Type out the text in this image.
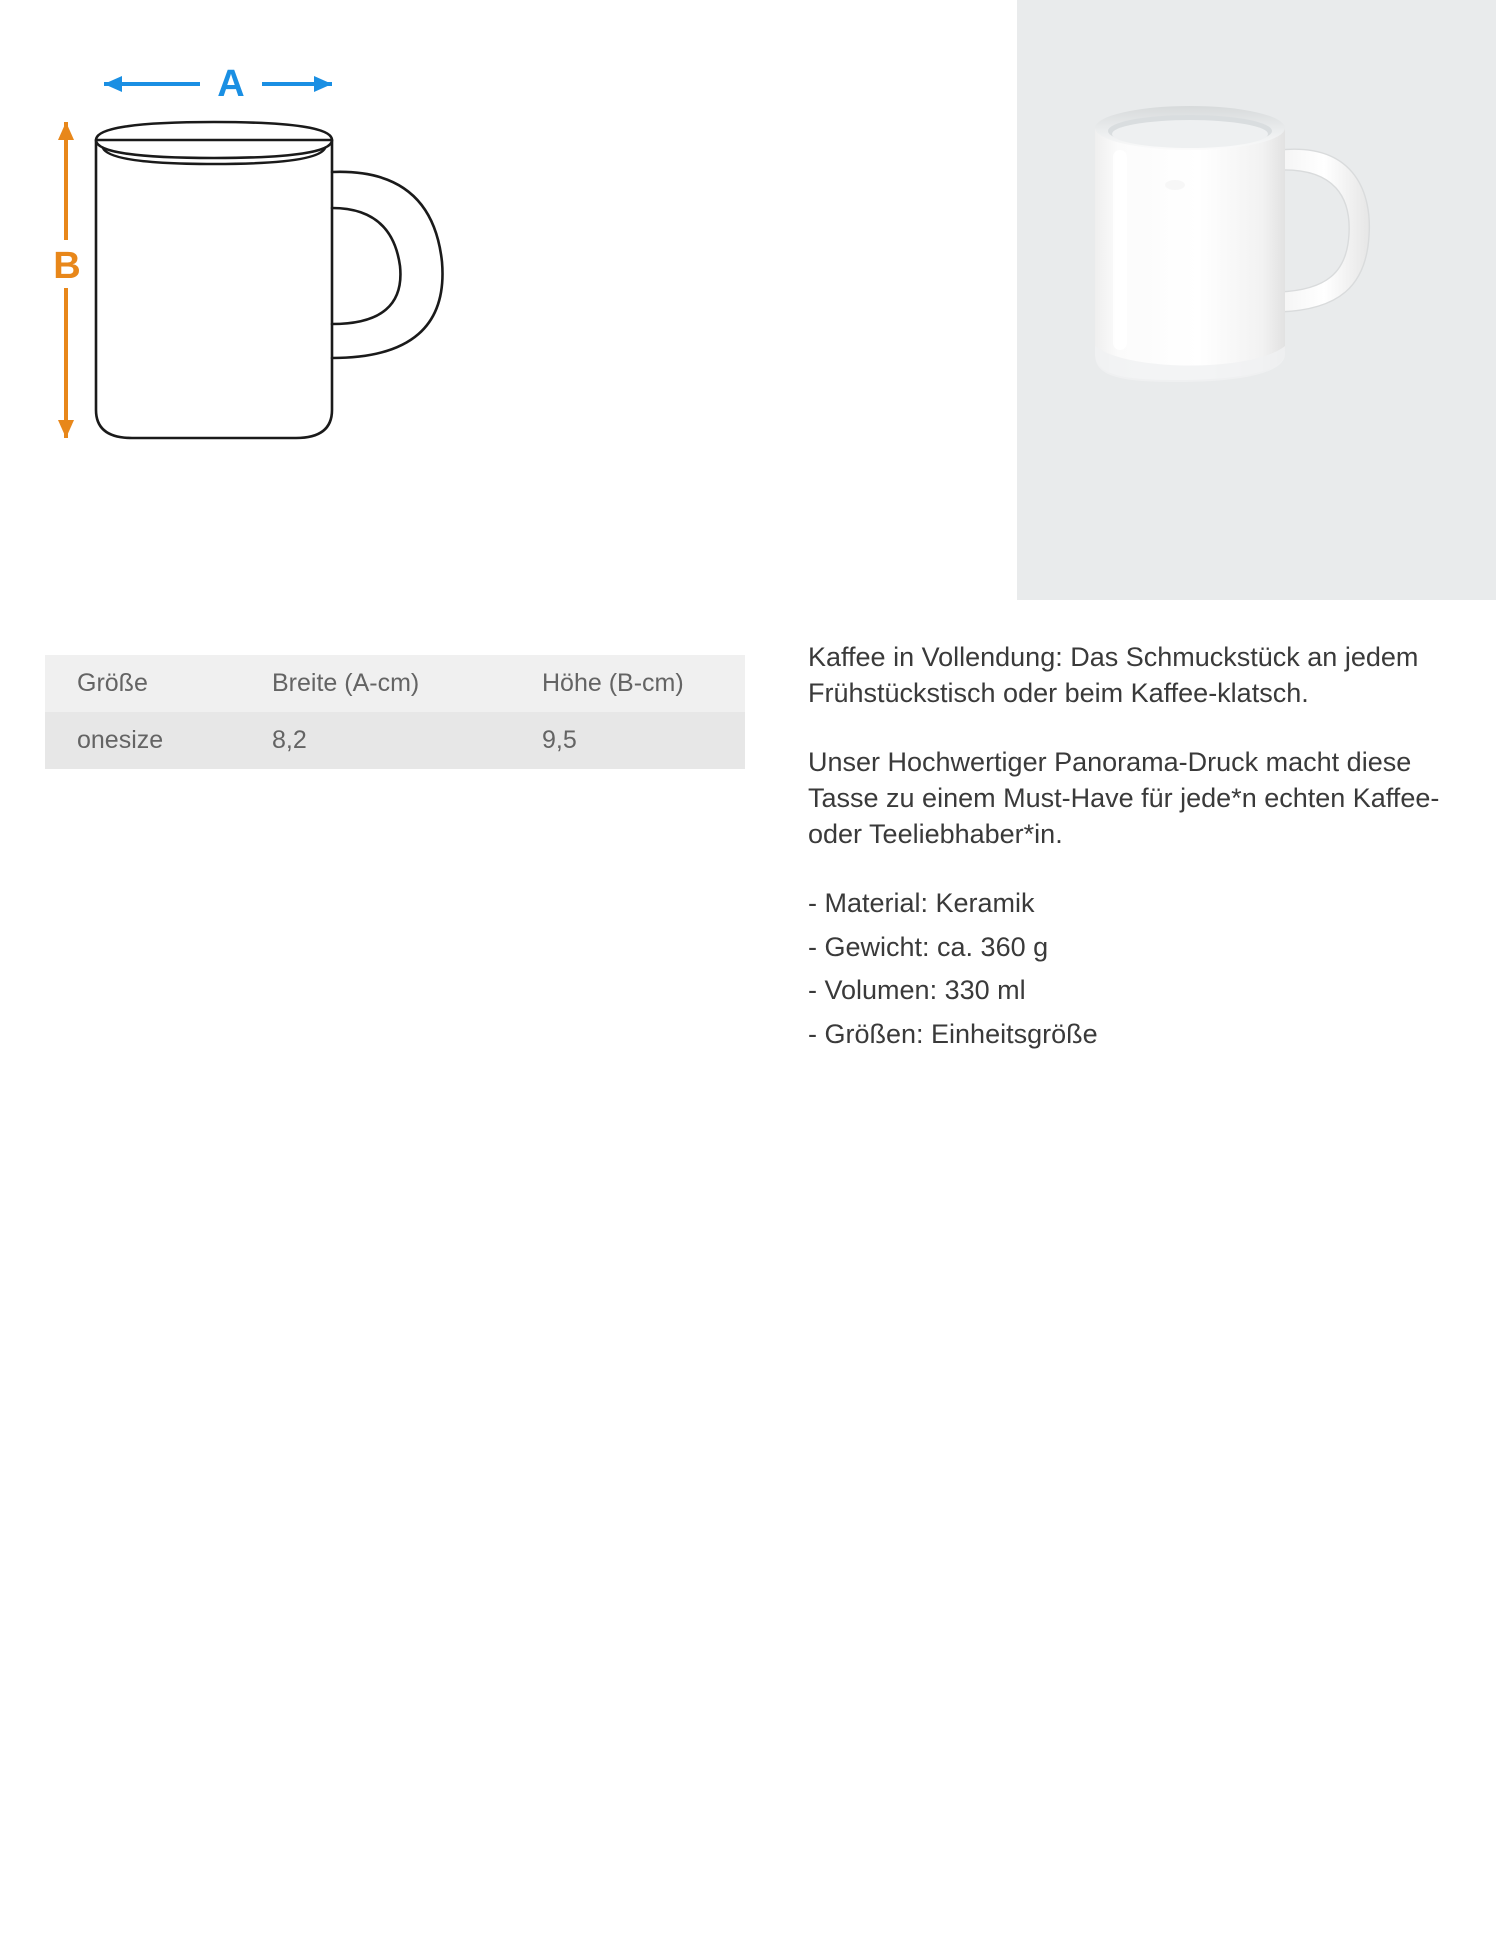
A
B
Größe	Breite (A-cm)	Höhe (B-cm)
onesize	8,2	9,5

Kaffee in Vollendung: Das Schmuckstück an jedem Frühstückstisch oder beim Kaffee-klatsch.

Unser Hochwertiger Panorama-Druck macht diese Tasse zu einem Must-Have für jede*n echten Kaffee- oder Teeliebhaber*in.

- Material: Keramik
- Gewicht: ca. 360 g
- Volumen: 330 ml
- Größen: Einheitsgröße
